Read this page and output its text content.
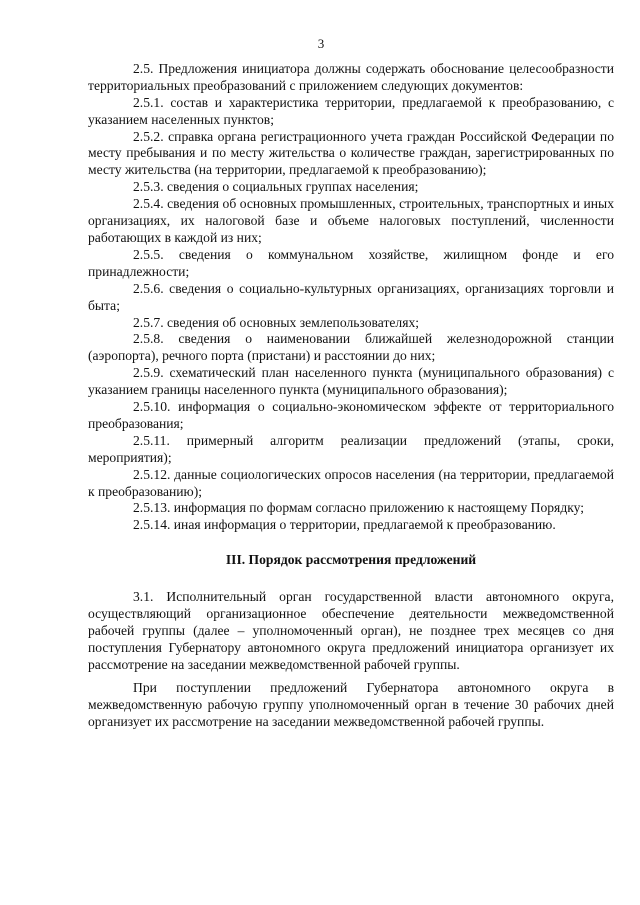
3

2.5. Предложения инициатора должны содержать обоснование целесообразности территориальных преобразований с приложением следующих документов:

2.5.1. состав и характеристика территории, предлагаемой к преобразованию, с указанием населенных пунктов;

2.5.2. справка органа регистрационного учета граждан Российской Федерации по месту пребывания и по месту жительства о количестве граждан, зарегистрированных по месту жительства (на территории, предлагаемой к преобразованию);

2.5.3. сведения о социальных группах населения;

2.5.4. сведения об основных промышленных, строительных, транспортных и иных организациях, их налоговой базе и объеме налоговых поступлений, численности работающих в каждой из них;

2.5.5. сведения о коммунальном хозяйстве, жилищном фонде и его принадлежности;

2.5.6. сведения о социально-культурных организациях, организациях торговли и быта;

2.5.7. сведения об основных землепользователях;

2.5.8. сведения о наименовании ближайшей железнодорожной станции (аэропорта), речного порта (пристани) и расстоянии до них;

2.5.9. схематический план населенного пункта (муниципального образования) с указанием границы населенного пункта (муниципального образования);

2.5.10. информация о социально-экономическом эффекте от территориального преобразования;

2.5.11. примерный алгоритм реализации предложений (этапы, сроки, мероприятия);

2.5.12. данные социологических опросов населения (на территории, предлагаемой к преобразованию);

2.5.13. информация по формам согласно приложению к настоящему Порядку;

2.5.14. иная информация о территории, предлагаемой к преобразованию.

III. Порядок рассмотрения предложений

3.1. Исполнительный орган государственной власти автономного округа, осуществляющий организационное обеспечение деятельности межведомственной рабочей группы (далее – уполномоченный орган), не позднее трех месяцев со дня поступления Губернатору автономного округа предложений инициатора организует их рассмотрение на заседании межведомственной рабочей группы.

При поступлении предложений Губернатора автономного округа в межведомственную рабочую группу уполномоченный орган в течение 30 рабочих дней организует их рассмотрение на заседании межведомственной рабочей группы.
